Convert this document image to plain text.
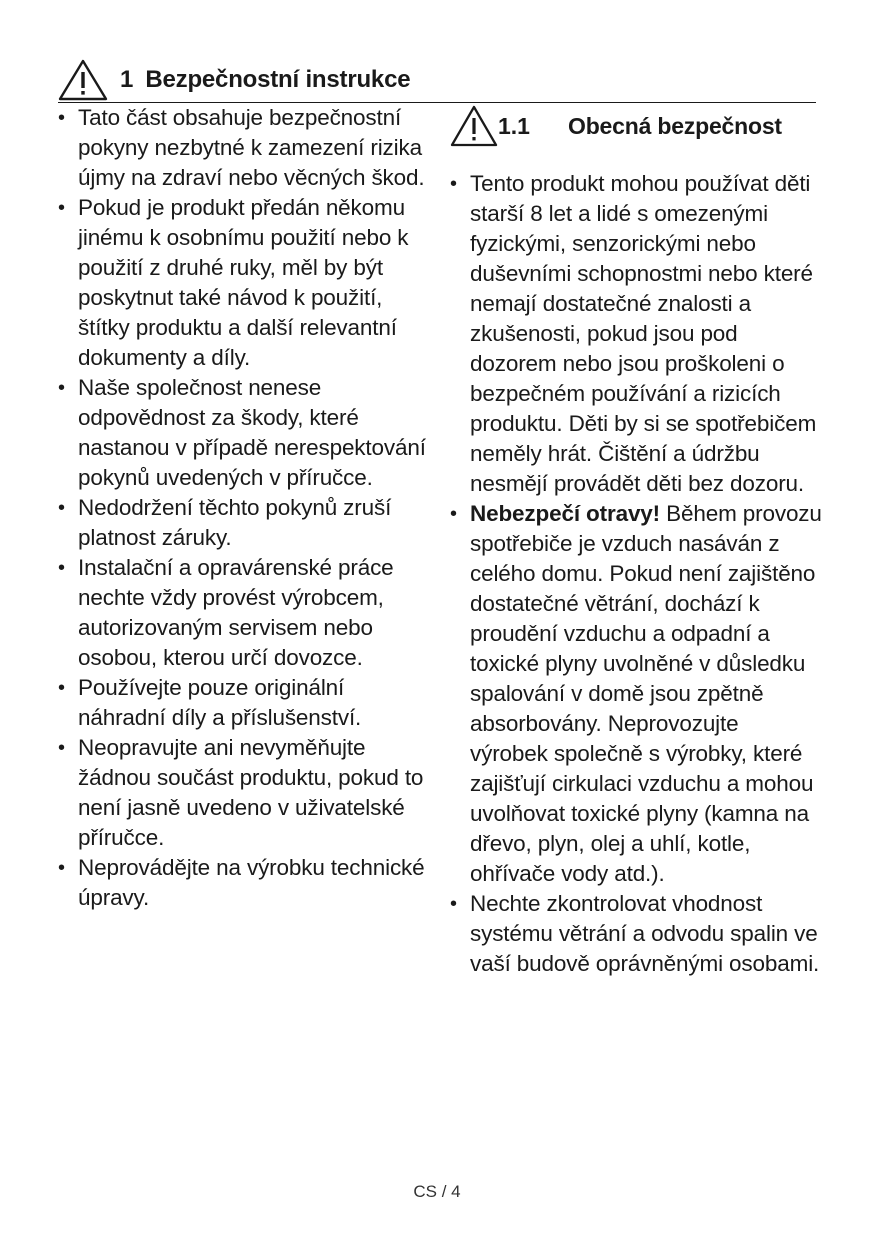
1 Bezpečnostní instrukce
• Tato část obsahuje bezpečnostní pokyny nezbytné k zamezení rizika újmy na zdraví nebo věcných škod.
• Pokud je produkt předán někomu jinému k osobnímu použití nebo k použití z druhé ruky, měl by být poskytnut také návod k použití, štítky produktu a další relevantní dokumenty a díly.
• Naše společnost nenese odpovědnost za škody, které nastanou v případě nerespektování pokynů uvedených v příručce.
• Nedodržení těchto pokynů zruší platnost záruky.
• Instalační a opravárenské práce nechte vždy provést výrobcem, autorizovaným servisem nebo osobou, kterou určí dovozce.
• Používejte pouze originální náhradní díly a příslušenství.
• Neopravujte ani nevyměňujte žádnou součást produktu, pokud to není jasně uvedeno v uživatelské příručce.
• Neprovádějte na výrobku technické úpravy.
1.1	Obecná bezpečnost
• Tento produkt mohou používat děti starší 8 let a lidé s omezenými fyzickými, senzorickými nebo duševními schopnostmi nebo které nemají dostatečné znalosti a zkušenosti, pokud jsou pod dozorem nebo jsou proškoleni o bezpečném používání a rizicích produktu. Děti by si se spotřebičem neměly hrát. Čištění a údržbu nesmějí provádět děti bez dozoru.
• Nebezpečí otravy! Během provozu spotřebiče je vzduch nasáván z celého domu. Pokud není zajištěno dostatečné větrání, dochází k proudění vzduchu a odpadní a toxické plyny uvolněné v důsledku spalování v domě jsou zpětně absorbovány. Neprovozujte výrobek společně s výrobky, které zajišťují cirkulaci vzduchu a mohou uvolňovat toxické plyny (kamna na dřevo, plyn, olej a uhlí, kotle, ohřívače vody atd.).
• Nechte zkontrolovat vhodnost systému větrání a odvodu spalin ve vaší budově oprávněnými osobami.
CS / 4
